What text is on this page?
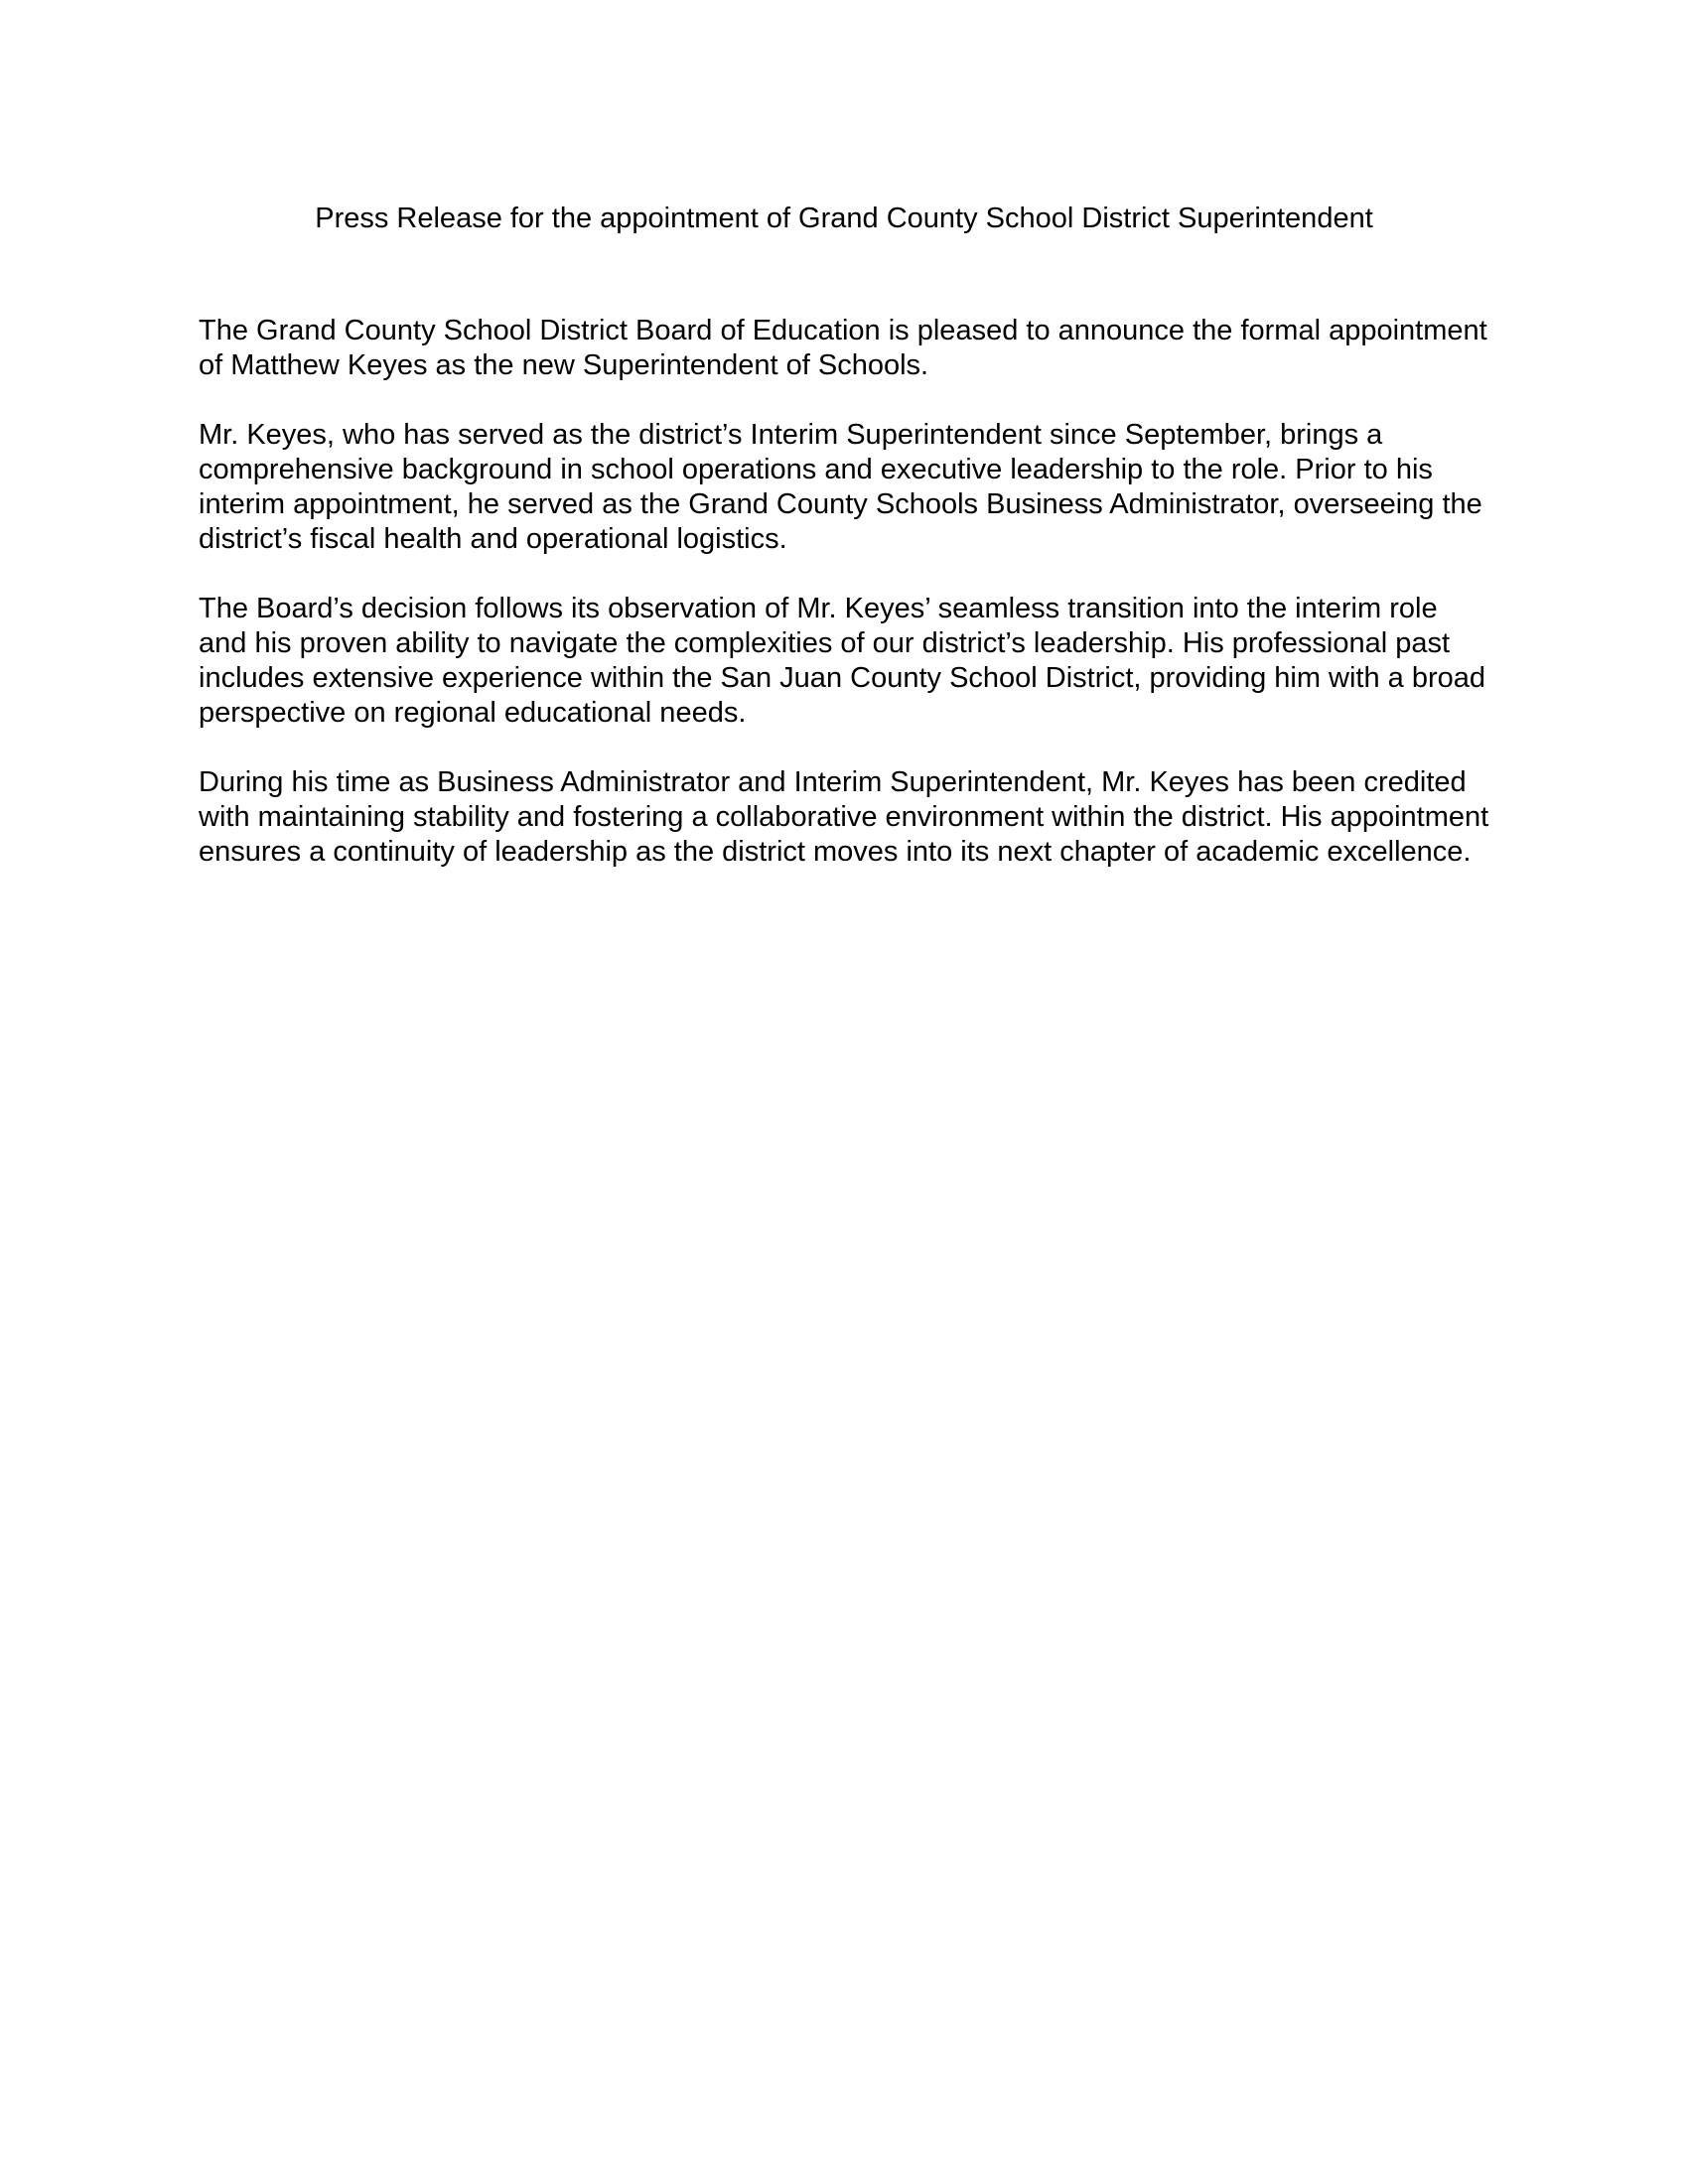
Press Release for the appointment of Grand County School District Superintendent

The Grand County School District Board of Education is pleased to announce the formal appointment of Matthew Keyes as the new Superintendent of Schools.

Mr. Keyes, who has served as the district’s Interim Superintendent since September, brings a comprehensive background in school operations and executive leadership to the role. Prior to his interim appointment, he served as the Grand County Schools Business Administrator, overseeing the district’s fiscal health and operational logistics.

The Board’s decision follows its observation of Mr. Keyes’ seamless transition into the interim role and his proven ability to navigate the complexities of our district’s leadership. His professional past includes extensive experience within the San Juan County School District, providing him with a broad perspective on regional educational needs.

During his time as Business Administrator and Interim Superintendent, Mr. Keyes has been credited with maintaining stability and fostering a collaborative environment within the district. His appointment ensures a continuity of leadership as the district moves into its next chapter of academic excellence.
